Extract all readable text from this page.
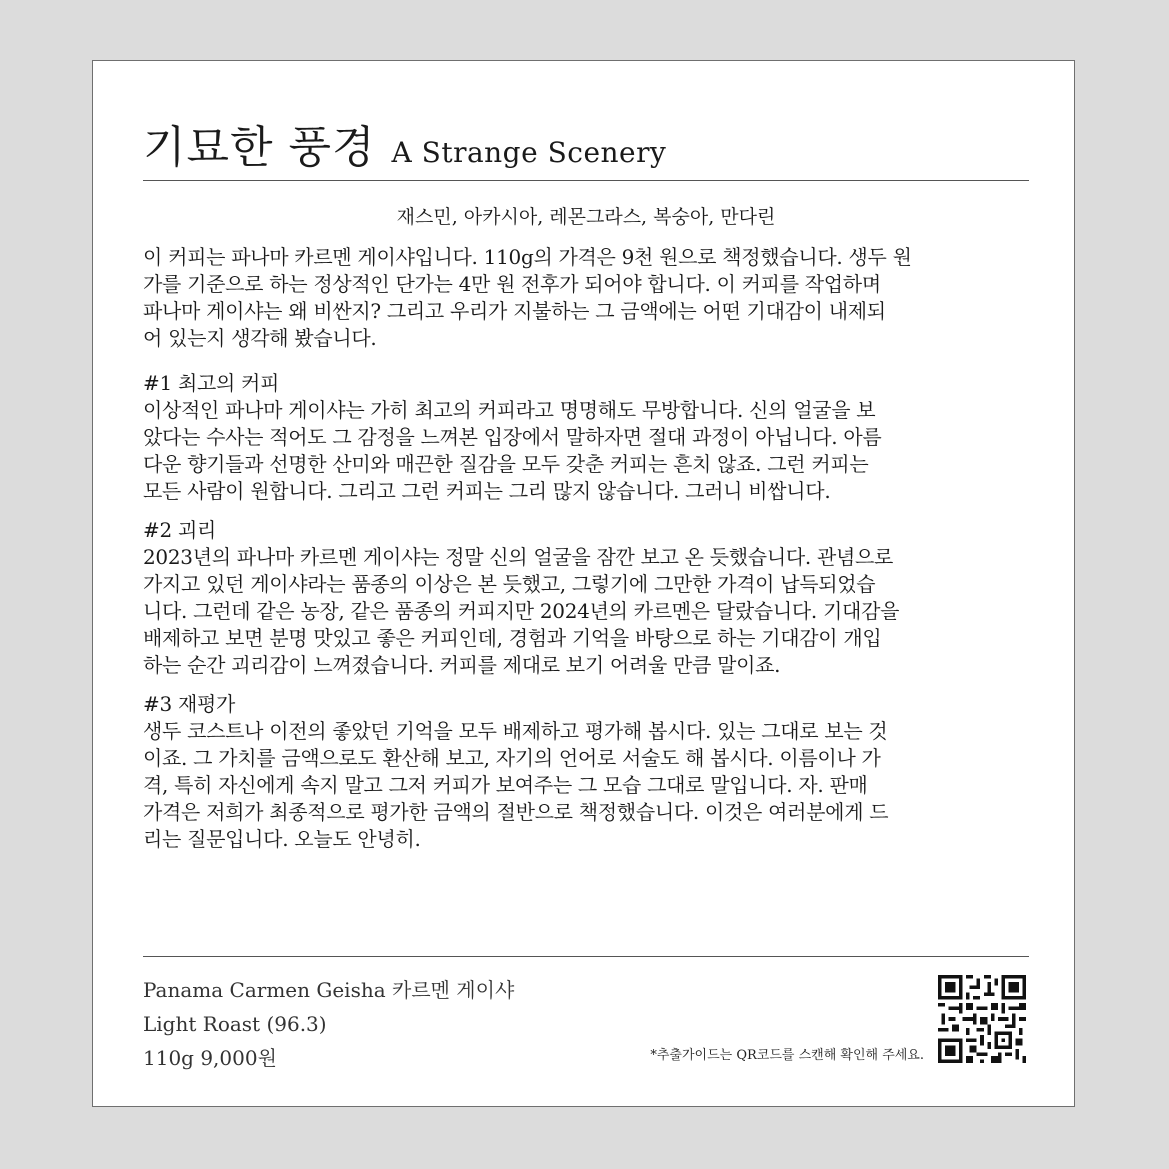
기묘한 풍경 A Strange Scenery
재스민, 아카시아, 레몬그라스, 복숭아, 만다린

이 커피는 파나마 카르멘 게이샤입니다. 110g의 가격은 9천 원으로 책정했습니다. 생두 원

가를 기준으로 하는 정상적인 단가는 4만 원 전후가 되어야 합니다. 이 커피를 작업하며

파나마 게이샤는 왜 비싼지? 그리고 우리가 지불하는 그 금액에는 어떤 기대감이 내제되

어 있는지 생각해 봤습니다.

#1 최고의 커피

이상적인 파나마 게이샤는 가히 최고의 커피라고 명명해도 무방합니다. 신의 얼굴을 보

았다는 수사는 적어도 그 감정을 느껴본 입장에서 말하자면 절대 과정이 아닙니다. 아름

다운 향기들과 선명한 산미와 매끈한 질감을 모두 갖춘 커피는 흔치 않죠. 그런 커피는

모든 사람이 원합니다. 그리고 그런 커피는 그리 많지 않습니다. 그러니 비쌉니다.

#2 괴리

2023년의 파나마 카르멘 게이샤는 정말 신의 얼굴을 잠깐 보고 온 듯했습니다. 관념으로

가지고 있던 게이샤라는 품종의 이상은 본 듯했고, 그렇기에 그만한 가격이 납득되었습

니다. 그런데 같은 농장, 같은 품종의 커피지만 2024년의 카르멘은 달랐습니다. 기대감을

배제하고 보면 분명 맛있고 좋은 커피인데, 경험과 기억을 바탕으로 하는 기대감이 개입

하는 순간 괴리감이 느껴졌습니다. 커피를 제대로 보기 어려울 만큼 말이죠.

#3 재평가

생두 코스트나 이전의 좋았던 기억을 모두 배제하고 평가해 봅시다. 있는 그대로 보는 것

이죠. 그 가치를 금액으로도 환산해 보고, 자기의 언어로 서술도 해 봅시다. 이름이나 가

격, 특히 자신에게 속지 말고 그저 커피가 보여주는 그 모습 그대로 말입니다. 자. 판매

가격은 저희가 최종적으로 평가한 금액의 절반으로 책정했습니다. 이것은 여러분에게 드

리는 질문입니다. 오늘도 안녕히.

Panama Carmen Geisha 카르멘 게이샤
Light Roast (96.3)
110g 9,000원	*추출가이드는 QR코드를 스캔해 확인해 주세요.
